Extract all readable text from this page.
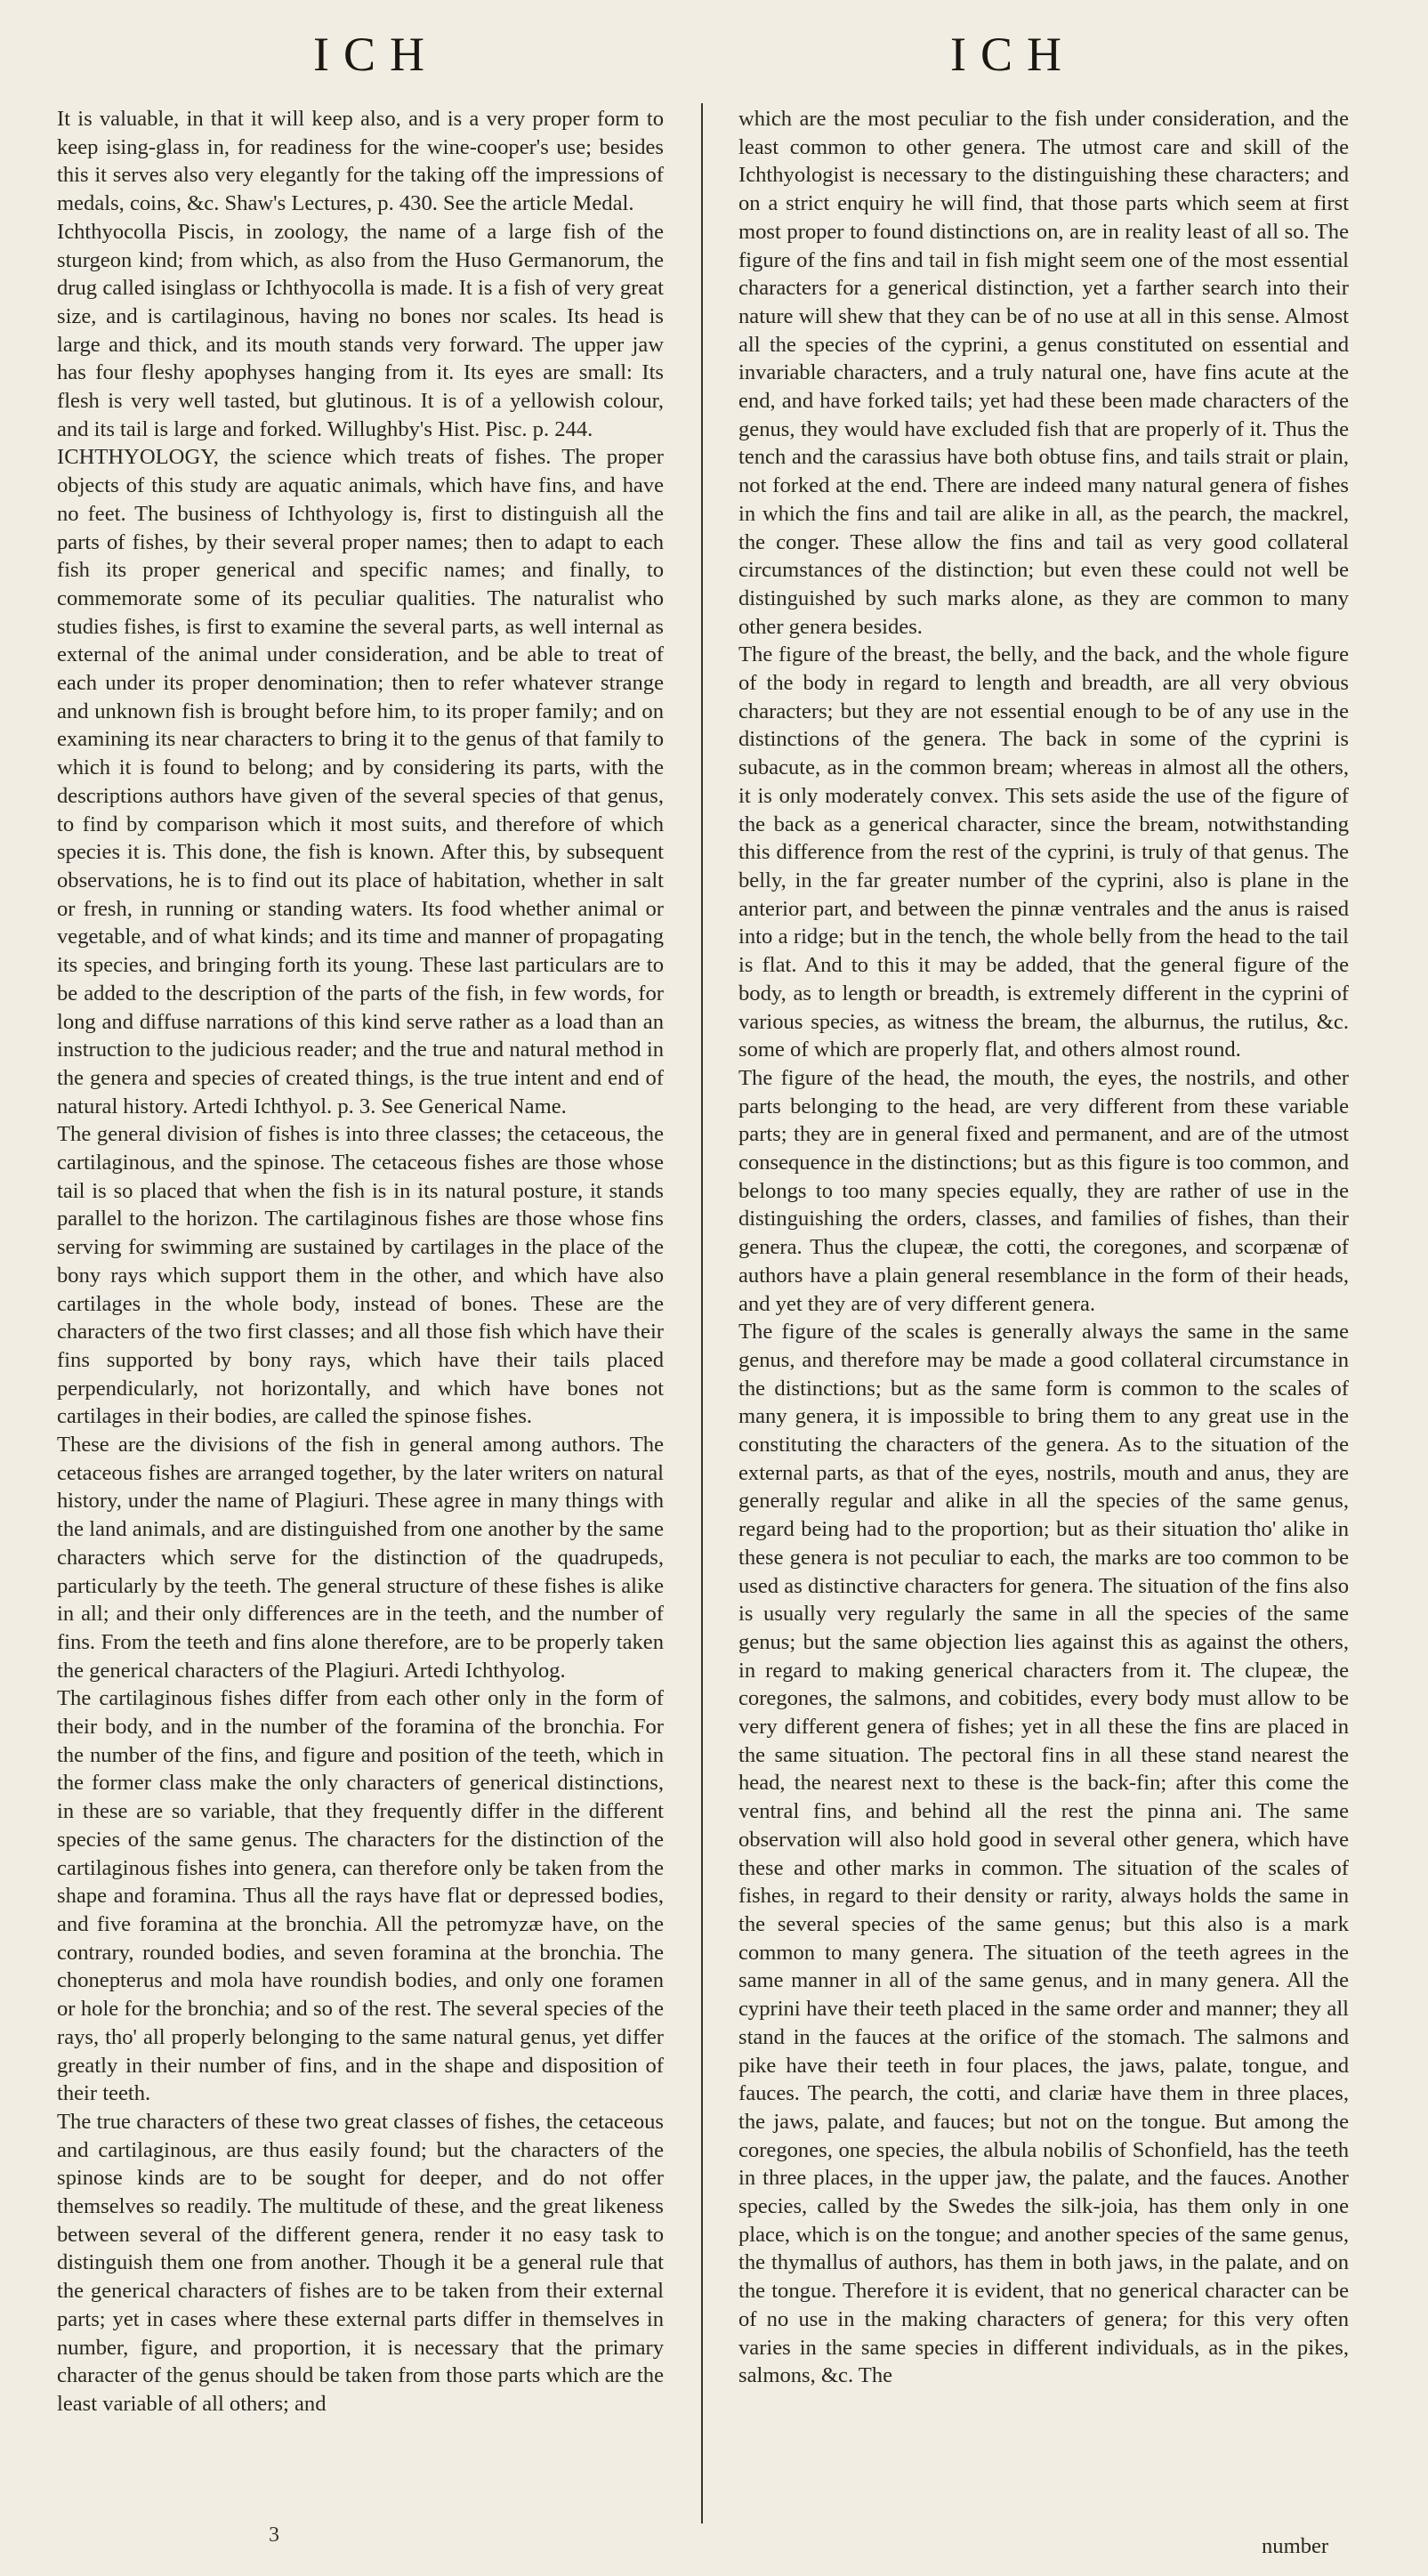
ICH	ICH

It is valuable, in that it will keep also, and is a very proper form to keep ising-glass in, for readiness for the wine-cooper's use; besides this it serves also very elegantly for the taking off the impressions of medals, coins, &c. Shaw's Lectures, p. 430. See the article Medal.

Ichthyocolla Piscis, in zoology, the name of a large fish of the sturgeon kind; from which, as also from the Huso Germanorum, the drug called isinglass or Ichthyocolla is made. It is a fish of very great size, and is cartilaginous, having no bones nor scales. Its head is large and thick, and its mouth stands very forward. The upper jaw has four fleshy apophyses hanging from it. Its eyes are small: Its flesh is very well tasted, but glutinous. It is of a yellowish colour, and its tail is large and forked. Willughby's Hist. Pisc. p. 244.

ICHTHYOLOGY, the science which treats of fishes. The proper objects of this study are aquatic animals, which have fins, and have no feet. The business of Ichthyology is, first to distinguish all the parts of fishes, by their several proper names; then to adapt to each fish its proper generical and specific names; and finally, to commemorate some of its peculiar qualities. The naturalist who studies fishes, is first to examine the several parts, as well internal as external of the animal under consideration, and be able to treat of each under its proper denomination; then to refer whatever strange and unknown fish is brought before him, to its proper family; and on examining its near characters to bring it to the genus of that family to which it is found to belong; and by considering its parts, with the descriptions authors have given of the several species of that genus, to find by comparison which it most suits, and therefore of which species it is. This done, the fish is known. After this, by subsequent observations, he is to find out its place of habitation, whether in salt or fresh, in running or standing waters. Its food whether animal or vegetable, and of what kinds; and its time and manner of propagating its species, and bringing forth its young. These last particulars are to be added to the description of the parts of the fish, in few words, for long and diffuse narrations of this kind serve rather as a load than an instruction to the judicious reader; and the true and natural method in the genera and species of created things, is the true intent and end of natural history. Artedi Ichthyol. p. 3. See Generical Name.

The general division of fishes is into three classes; the cetaceous, the cartilaginous, and the spinose. The cetaceous fishes are those whose tail is so placed that when the fish is in its natural posture, it stands parallel to the horizon. The cartilaginous fishes are those whose fins serving for swimming are sustained by cartilages in the place of the bony rays which support them in the other, and which have also cartilages in the whole body, instead of bones. These are the characters of the two first classes; and all those fish which have their fins supported by bony rays, which have their tails placed perpendicularly, not horizontally, and which have bones not cartilages in their bodies, are called the spinose fishes.

These are the divisions of the fish in general among authors. The cetaceous fishes are arranged together, by the later writers on natural history, under the name of Plagiuri. These agree in many things with the land animals, and are distinguished from one another by the same characters which serve for the distinction of the quadrupeds, particularly by the teeth. The general structure of these fishes is alike in all; and their only differences are in the teeth, and the number of fins. From the teeth and fins alone therefore, are to be properly taken the generical characters of the Plagiuri. Artedi Ichthyolog.

The cartilaginous fishes differ from each other only in the form of their body, and in the number of the foramina of the bronchia. For the number of the fins, and figure and position of the teeth, which in the former class make the only characters of generical distinctions, in these are so variable, that they frequently differ in the different species of the same genus. The characters for the distinction of the cartilaginous fishes into genera, can therefore only be taken from the shape and foramina. Thus all the rays have flat or depressed bodies, and five foramina at the bronchia. All the petromyzæ have, on the contrary, rounded bodies, and seven foramina at the bronchia. The chonepterus and mola have roundish bodies, and only one foramen or hole for the bronchia; and so of the rest. The several species of the rays, tho' all properly belonging to the same natural genus, yet differ greatly in their number of fins, and in the shape and disposition of their teeth.

The true characters of these two great classes of fishes, the cetaceous and cartilaginous, are thus easily found; but the characters of the spinose kinds are to be sought for deeper, and do not offer themselves so readily. The multitude of these, and the great likeness between several of the different genera, render it no easy task to distinguish them one from another. Though it be a general rule that the generical characters of fishes are to be taken from their external parts; yet in cases where these external parts differ in themselves in number, figure, and proportion, it is necessary that the primary character of the genus should be taken from those parts which are the least variable of all others; and

which are the most peculiar to the fish under consideration, and the least common to other genera. The utmost care and skill of the Ichthyologist is necessary to the distinguishing these characters; and on a strict enquiry he will find, that those parts which seem at first most proper to found distinctions on, are in reality least of all so. The figure of the fins and tail in fish might seem one of the most essential characters for a generical distinction, yet a farther search into their nature will shew that they can be of no use at all in this sense. Almost all the species of the cyprini, a genus constituted on essential and invariable characters, and a truly natural one, have fins acute at the end, and have forked tails; yet had these been made characters of the genus, they would have excluded fish that are properly of it. Thus the tench and the carassius have both obtuse fins, and tails strait or plain, not forked at the end. There are indeed many natural genera of fishes in which the fins and tail are alike in all, as the pearch, the mackrel, the conger. These allow the fins and tail as very good collateral circumstances of the distinction; but even these could not well be distinguished by such marks alone, as they are common to many other genera besides.

The figure of the breast, the belly, and the back, and the whole figure of the body in regard to length and breadth, are all very obvious characters; but they are not essential enough to be of any use in the distinctions of the genera. The back in some of the cyprini is subacute, as in the common bream; whereas in almost all the others, it is only moderately convex. This sets aside the use of the figure of the back as a generical character, since the bream, notwithstanding this difference from the rest of the cyprini, is truly of that genus. The belly, in the far greater number of the cyprini, also is plane in the anterior part, and between the pinnæ ventrales and the anus is raised into a ridge; but in the tench, the whole belly from the head to the tail is flat. And to this it may be added, that the general figure of the body, as to length or breadth, is extremely different in the cyprini of various species, as witness the bream, the alburnus, the rutilus, &c. some of which are properly flat, and others almost round.

The figure of the head, the mouth, the eyes, the nostrils, and other parts belonging to the head, are very different from these variable parts; they are in general fixed and permanent, and are of the utmost consequence in the distinctions; but as this figure is too common, and belongs to too many species equally, they are rather of use in the distinguishing the orders, classes, and families of fishes, than their genera. Thus the clupeæ, the cotti, the coregones, and scorpænæ of authors have a plain general resemblance in the form of their heads, and yet they are of very different genera.

The figure of the scales is generally always the same in the same genus, and therefore may be made a good collateral circumstance in the distinctions; but as the same form is common to the scales of many genera, it is impossible to bring them to any great use in the constituting the characters of the genera. As to the situation of the external parts, as that of the eyes, nostrils, mouth and anus, they are generally regular and alike in all the species of the same genus, regard being had to the proportion; but as their situation tho' alike in these genera is not peculiar to each, the marks are too common to be used as distinctive characters for genera. The situation of the fins also is usually very regularly the same in all the species of the same genus; but the same objection lies against this as against the others, in regard to making generical characters from it. The clupeæ, the coregones, the salmons, and cobitides, every body must allow to be very different genera of fishes; yet in all these the fins are placed in the same situation. The pectoral fins in all these stand nearest the head, the nearest next to these is the back-fin; after this come the ventral fins, and behind all the rest the pinna ani. The same observation will also hold good in several other genera, which have these and other marks in common. The situation of the scales of fishes, in regard to their density or rarity, always holds the same in the several species of the same genus; but this also is a mark common to many genera. The situation of the teeth agrees in the same manner in all of the same genus, and in many genera. All the cyprini have their teeth placed in the same order and manner; they all stand in the fauces at the orifice of the stomach. The salmons and pike have their teeth in four places, the jaws, palate, tongue, and fauces. The pearch, the cotti, and clariæ have them in three places, the jaws, palate, and fauces; but not on the tongue. But among the coregones, one species, the albula nobilis of Schonfield, has the teeth in three places, in the upper jaw, the palate, and the fauces. Another species, called by the Swedes the silk-joia, has them only in one place, which is on the tongue; and another species of the same genus, the thymallus of authors, has them in both jaws, in the palate, and on the tongue. Therefore it is evident, that no generical character can be of no use in the making characters of genera; for this very often varies in the same species in different individuals, as in the pikes, salmons, &c. The

3	number
